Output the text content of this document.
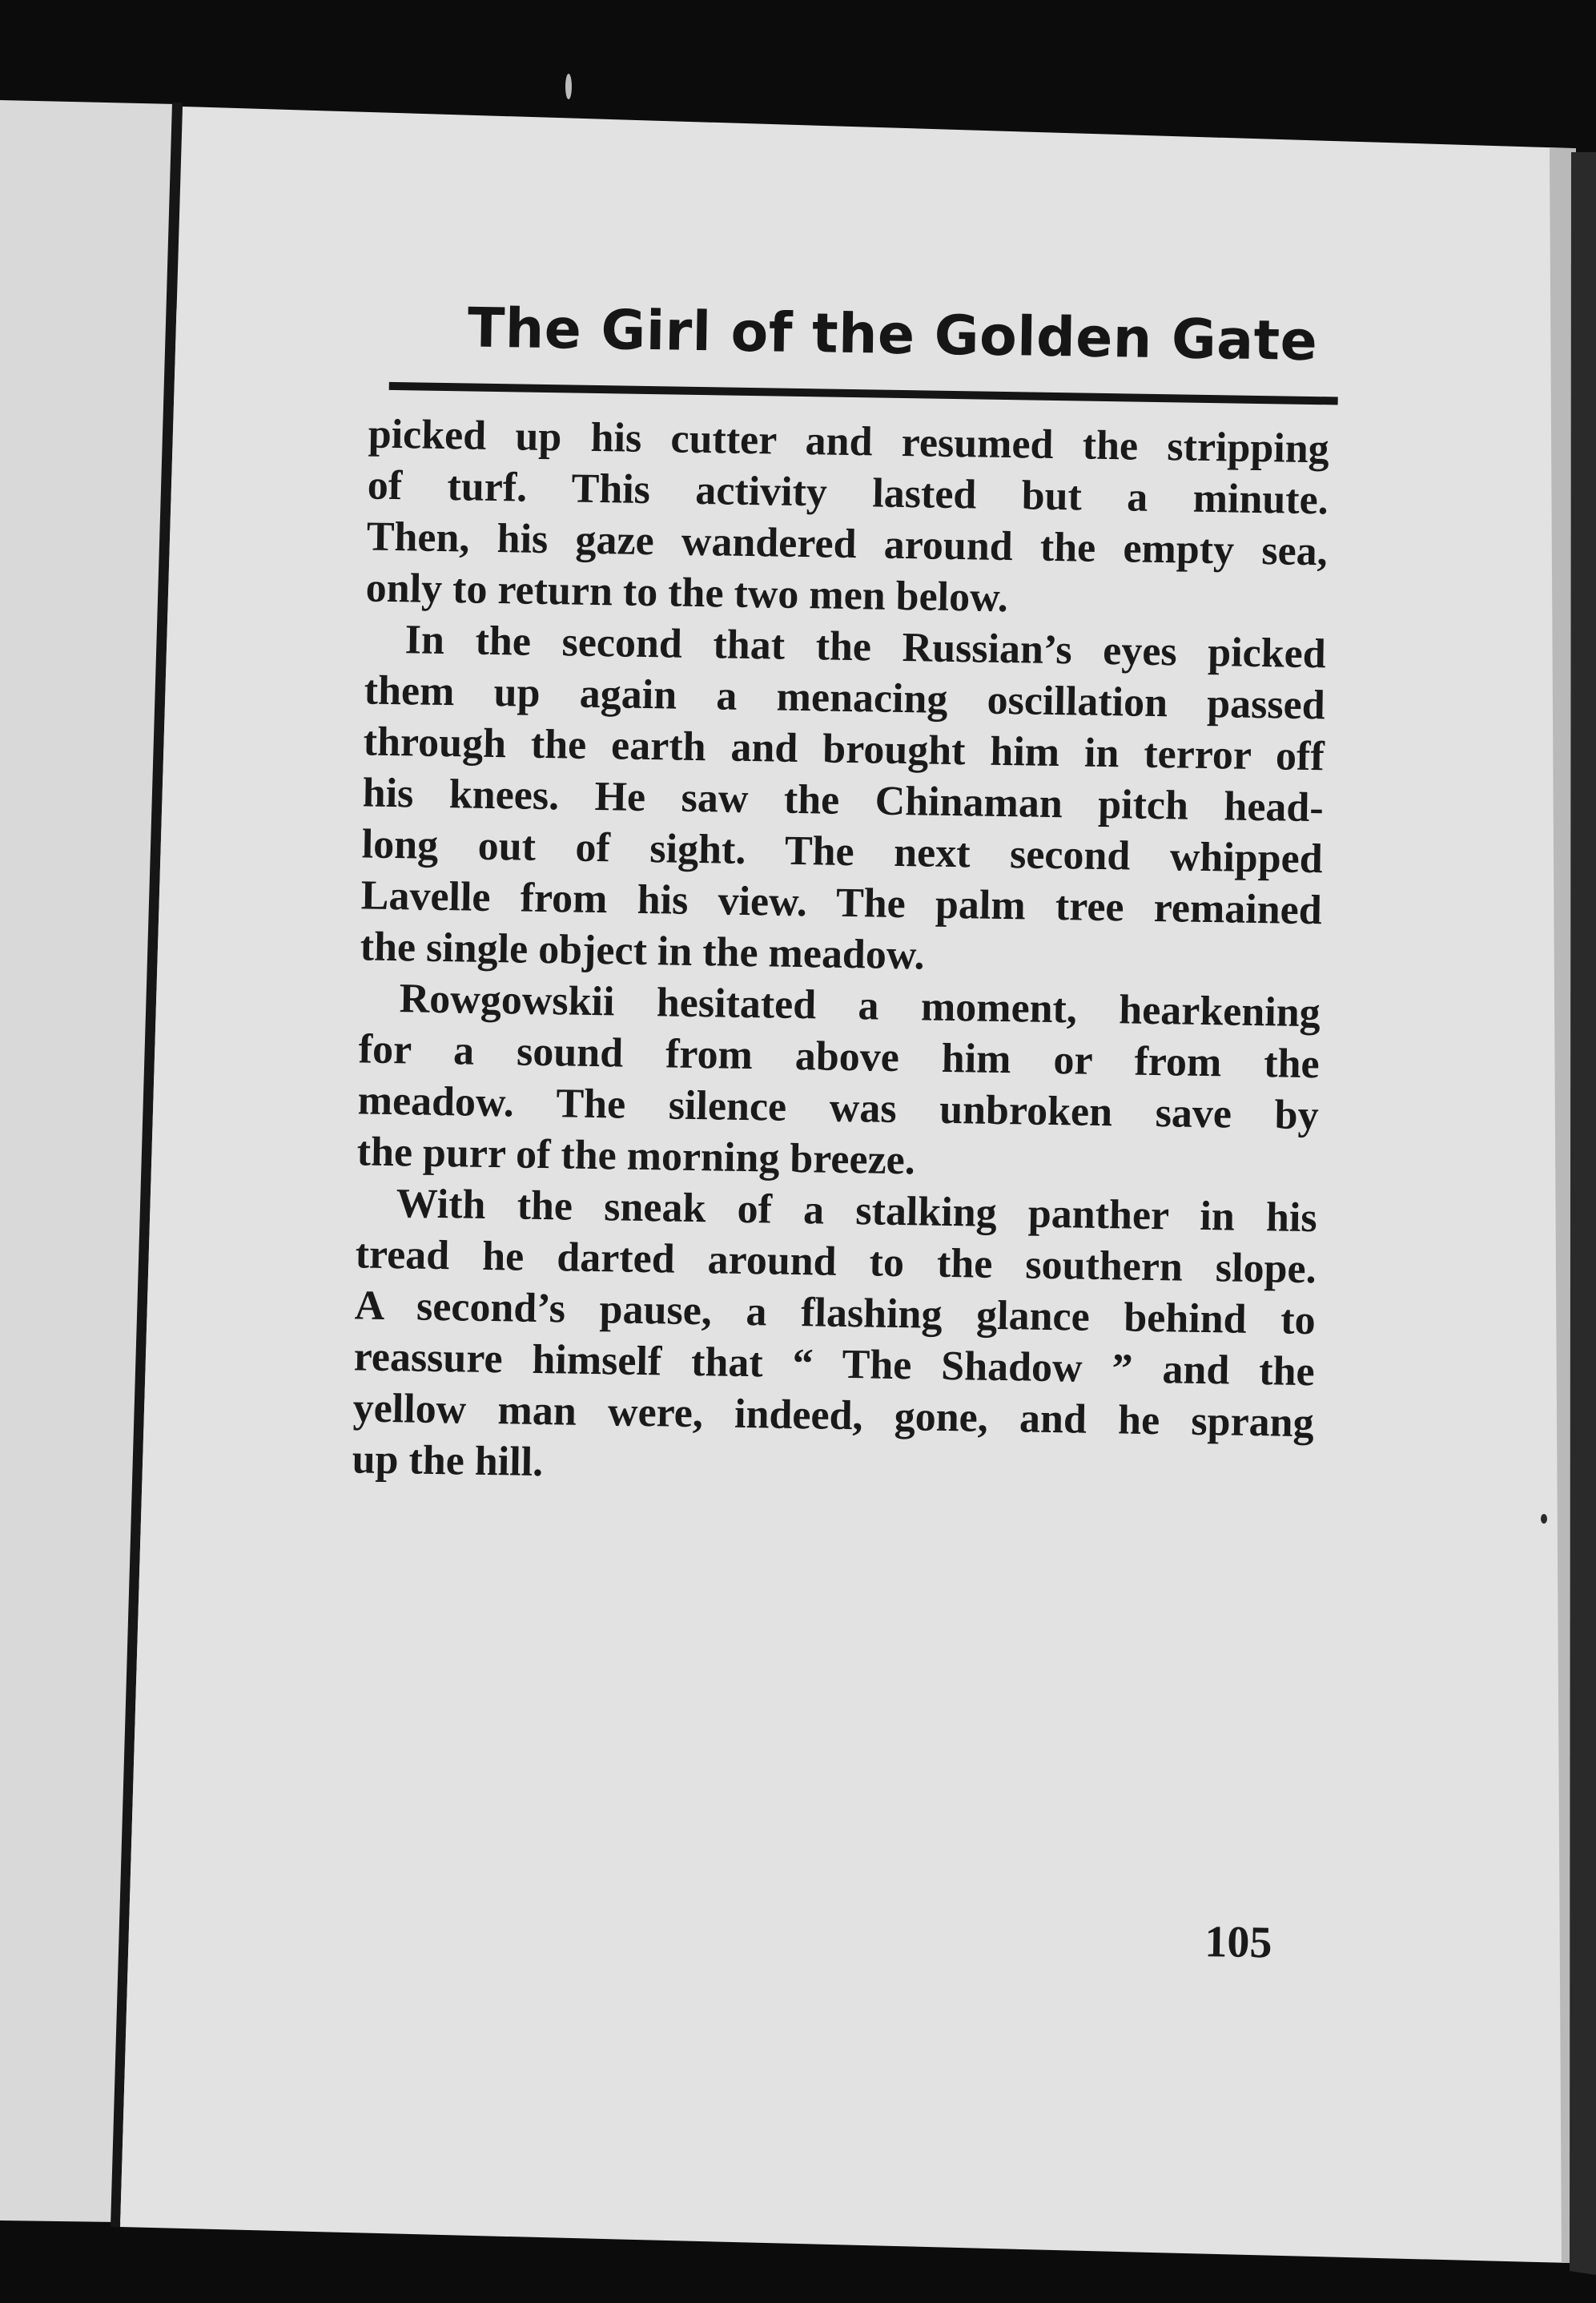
The Girl of the Golden Gate
picked up his cutter and resumed the stripping
of turf. This activity lasted but a minute.
Then, his gaze wandered around the empty sea,
only to return to the two men below.
In the second that the Russian’s eyes picked
them up again a menacing oscillation passed
through the earth and brought him in terror off
his knees. He saw the Chinaman pitch head-
long out of sight. The next second whipped
Lavelle from his view. The palm tree remained
the single object in the meadow.
Rowgowskii hesitated a moment, hearkening
for a sound from above him or from the
meadow. The silence was unbroken save by
the purr of the morning breeze.
With the sneak of a stalking panther in his
tread he darted around to the southern slope.
A second’s pause, a flashing glance behind to
reassure himself that “ The Shadow ” and the
yellow man were, indeed, gone, and he sprang
up the hill.
105
